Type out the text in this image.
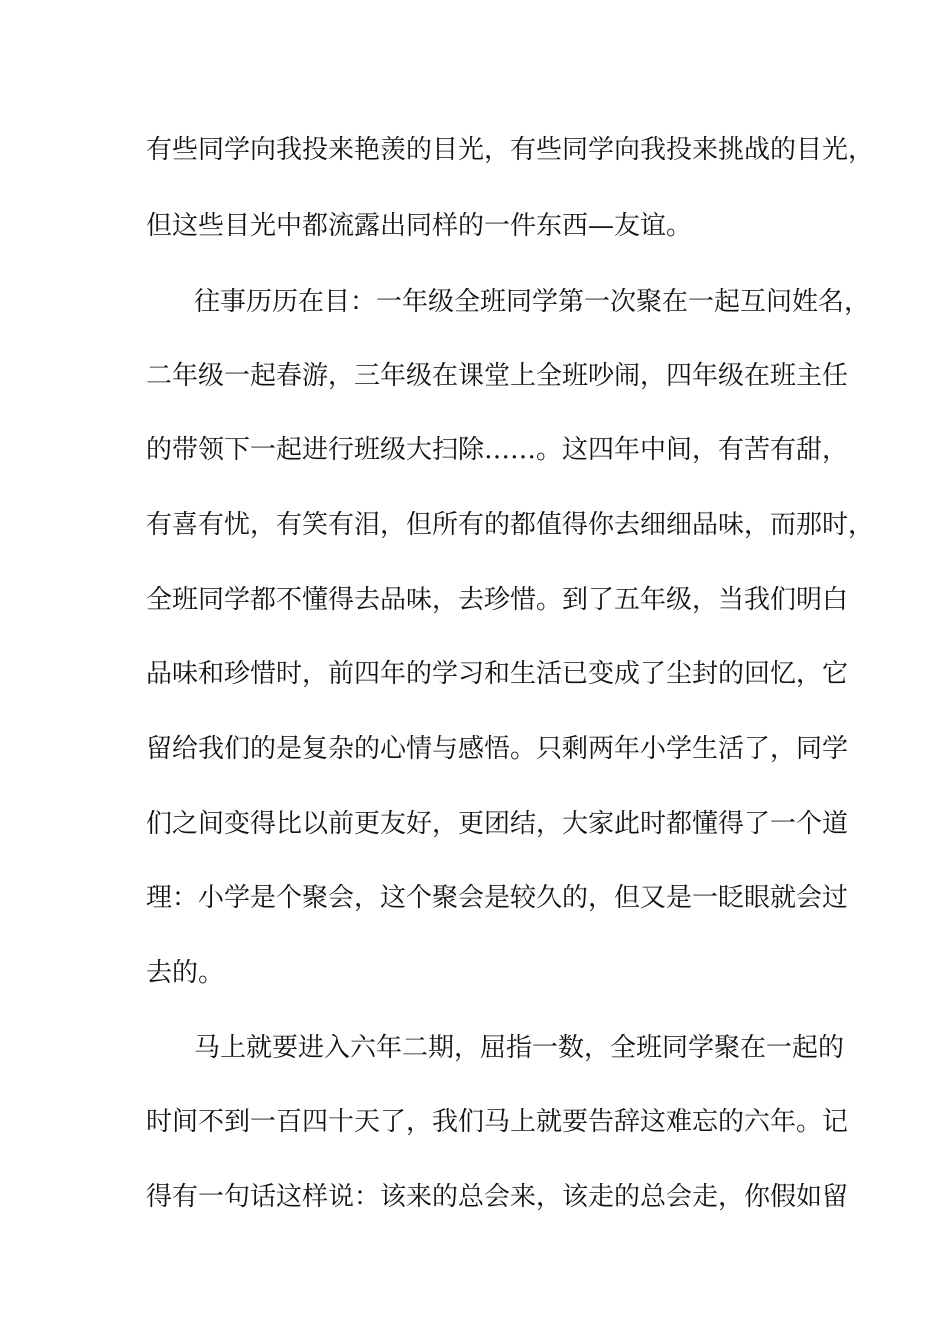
有些同学向我投来艳羡的目光，有些同学向我投来挑战的目光，
但这些目光中都流露出同样的一件东西—友谊。
往事历历在目：一年级全班同学第一次聚在一起互问姓名，
二年级一起春游，三年级在课堂上全班吵闹，四年级在班主任
的带领下一起进行班级大扫除……。这四年中间，有苦有甜，
有喜有忧，有笑有泪，但所有的都值得你去细细品味，而那时，
全班同学都不懂得去品味，去珍惜。到了五年级，当我们明白
品味和珍惜时，前四年的学习和生活已变成了尘封的回忆，它
留给我们的是复杂的心情与感悟。只剩两年小学生活了，同学
们之间变得比以前更友好，更团结，大家此时都懂得了一个道
理：小学是个聚会，这个聚会是较久的，但又是一眨眼就会过
去的。
马上就要进入六年二期，屈指一数，全班同学聚在一起的
时间不到一百四十天了，我们马上就要告辞这难忘的六年。记
得有一句话这样说：该来的总会来，该走的总会走，你假如留
